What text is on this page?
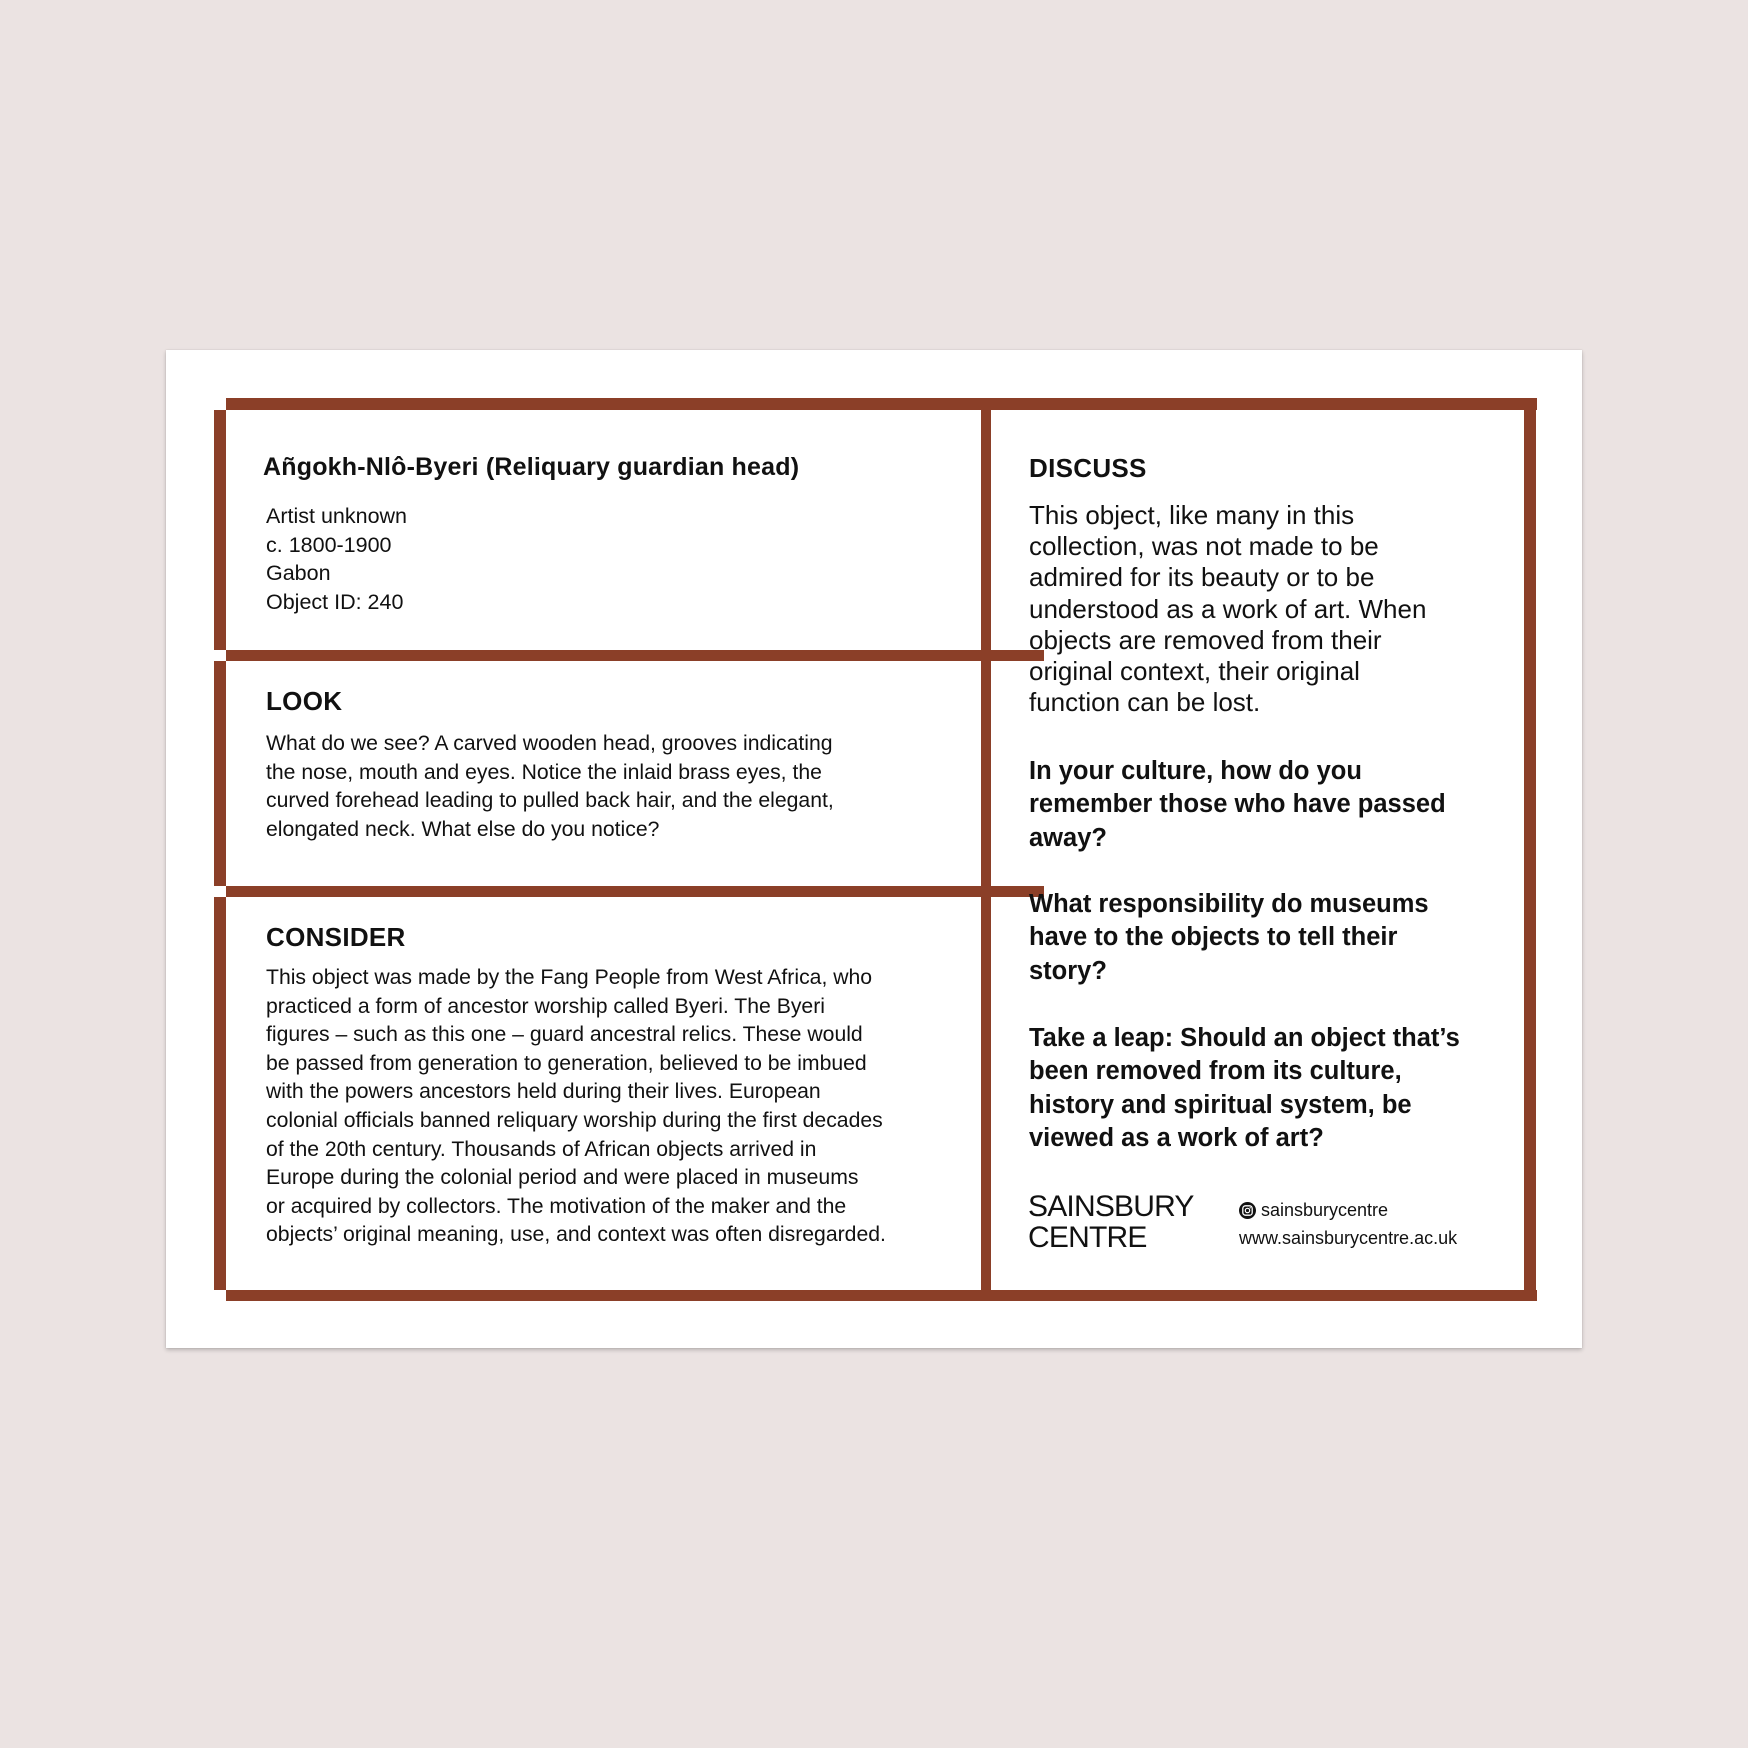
Añgokh-Nlô-Byeri (Reliquary guardian head)
Artist unknown
c. 1800-1900
Gabon
Object ID: 240
LOOK
What do we see? A carved wooden head, grooves indicating
the nose, mouth and eyes. Notice the inlaid brass eyes, the
curved forehead leading to pulled back hair, and the elegant,
elongated neck. What else do you notice?
CONSIDER
This object was made by the Fang People from West Africa, who
practiced a form of ancestor worship called Byeri. The Byeri
figures – such as this one – guard ancestral relics. These would
be passed from generation to generation, believed to be imbued
with the powers ancestors held during their lives. European
colonial officials banned reliquary worship during the first decades
of the 20th century. Thousands of African objects arrived in
Europe during the colonial period and were placed in museums
or acquired by collectors. The motivation of the maker and the
objects’ original meaning, use, and context was often disregarded.
DISCUSS
This object, like many in this
collection, was not made to be
admired for its beauty or to be
understood as a work of art. When
objects are removed from their
original context, their original
function can be lost.
In your culture, how do you
remember those who have passed
away?
What responsibility do museums
have to the objects to tell their
story?
Take a leap: Should an object that’s
been removed from its culture,
history and spiritual system, be
viewed as a work of art?
SAINSBURY
CENTRE
sainsburycentre
www.sainsburycentre.ac.uk
